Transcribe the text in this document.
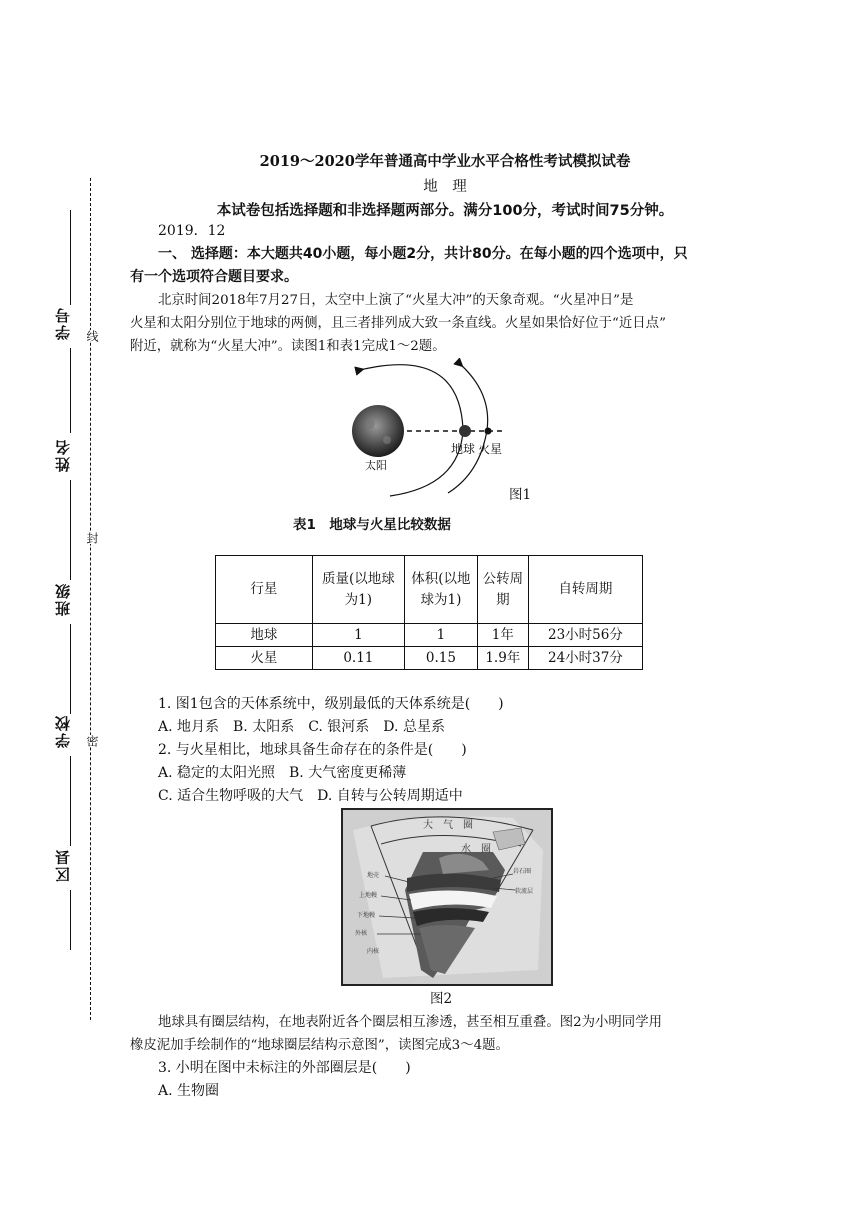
线
封
密
学号
姓名
班级
学校
区县
2019～2020学年普通高中学业水平合格性考试模拟试卷
地　理
本试卷包括选择题和非选择题两部分。满分100分，考试时间75分钟。
2019．12
一、 选择题：本大题共40小题，每小题2分，共计80分。在每小题的四个选项中，只
有一个选项符合题目要求。
北京时间2018年7月27日，太空中上演了“火星大冲”的天象奇观。“火星冲日”是
火星和太阳分别位于地球的两侧，且三者排列成大致一条直线。火星如果恰好位于“近日点”
附近，就称为“火星大冲”。读图1和表1完成1～2题。
太阳
地球 火星
图1
表1　地球与火星比较数据
行星	质量(以地球为1)	体积(以地球为1)	公转周期	自转周期
地球	1	1	1年	23小时56分
火星	0.11	0.15	1.9年	24小时37分
1. 图1包含的天体系统中，级别最低的天体系统是(　　)
A. 地月系　B. 太阳系　C. 银河系　D. 总星系
2. 与火星相比，地球具备生命存在的条件是(　　)
A. 稳定的太阳光照　B. 大气密度更稀薄
C. 适合生物呼吸的大气　D. 自转与公转周期适中
大　气　圈
水　圈
岩石圈
软流层
地壳
上地幔
下地幔
外核
内核
图2
地球具有圈层结构，在地表附近各个圈层相互渗透，甚至相互重叠。图2为小明同学用
橡皮泥加手绘制作的“地球圈层结构示意图”，读图完成3～4题。
3. 小明在图中未标注的外部圈层是(　　)
A. 生物圈
